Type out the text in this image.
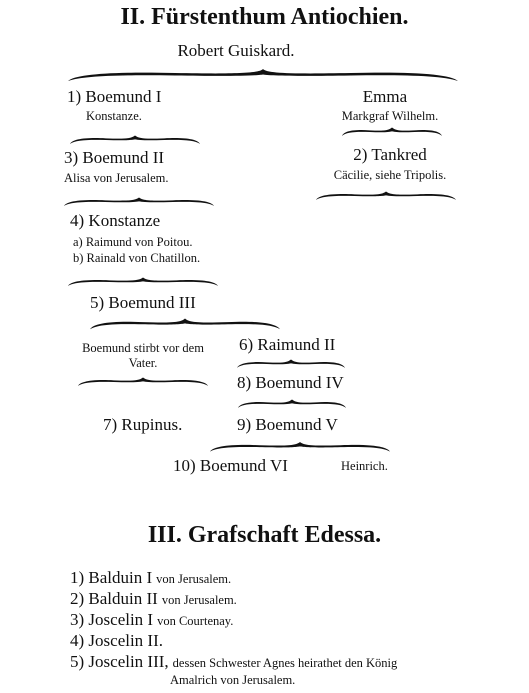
II. Fürstenthum Antiochien.
Robert Guiskard.
1) Boemund I
Konstanze.
Emma
Markgraf Wilhelm.
3) Boemund II
Alisa von Jerusalem.
2) Tankred
Cäcilie, siehe Tripolis.
4) Konstanze
a) Raimund von Poitou.
b) Rainald von Chatillon.
5) Boemund III
Boemund stirbt vor dem
Vater.
6) Raimund II
8) Boemund IV
7) Rupinus.	9) Boemund V
10) Boemund VI	Heinrich.
III. Grafschaft Edessa.
1) Balduin I von Jerusalem.
2) Balduin II von Jerusalem.
3) Joscelin I von Courtenay.
4) Joscelin II.
5) Joscelin III, dessen Schwester Agnes heirathet den König
Amalrich von Jerusalem.
